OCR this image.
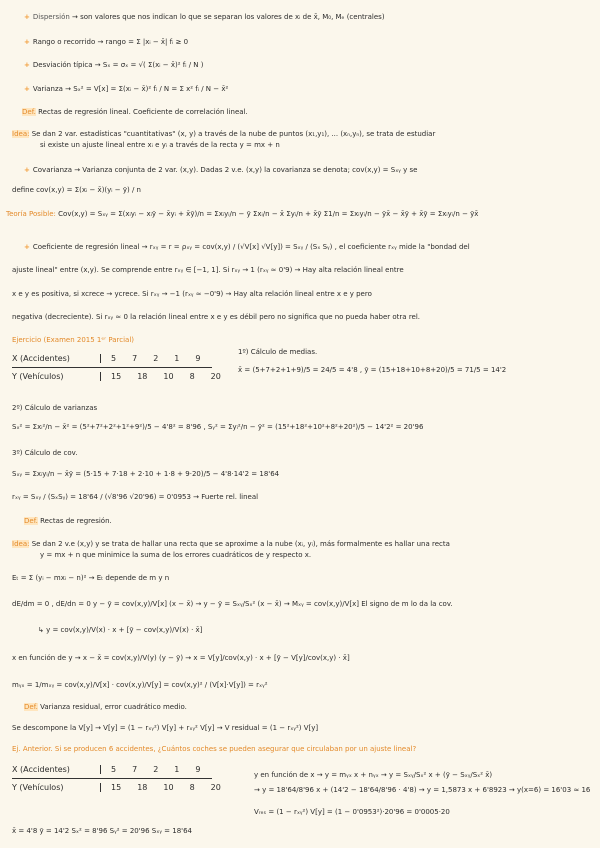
+ Dispersión → son valores que nos indican lo que se separan los valores de xᵢ de x̄, M₀, Mₑ (centrales)
+ Rango o recorrido → rango = Σ |xᵢ − x̄| fᵢ ≥ 0
+ Desviación típica → Sₓ = σₓ = √( Σ(xᵢ − x̄)² fᵢ / N )
+ Varianza → Sₓ² = V[x] = Σ(xᵢ − x̄)² fᵢ / N = Σ x² fᵢ / N − x̄²
Def. Rectas de regresión lineal. Coeficiente de correlación lineal.
Idea: Se dan 2 var. estadísticas "cuantitativas" (x, y) a través de la nube de puntos (x₁,y₁), ... (xₙ,yₙ), se trata de estudiar
si existe un ajuste lineal entre xᵢ e yᵢ a través de la recta y = mx + n
+ Covarianza → Varianza conjunta de 2 var. (x,y). Dadas 2 v.e. (x,y) la covarianza se denota; cov(x,y) = Sₓᵧ y se
define cov(x,y) = Σ(xᵢ − x̄)(yᵢ − ȳ) / n
Teoría Posible: Cov(x,y) = Sₓᵧ = Σ(xᵢyᵢ − xᵢȳ − x̄yᵢ + x̄ȳ)/n = Σxᵢyᵢ/n − ȳ Σxᵢ/n − x̄ Σyᵢ/n + x̄ȳ Σ1/n = Σxᵢyᵢ/n − ȳx̄ − x̄ȳ + x̄ȳ = Σxᵢyᵢ/n − ȳx̄
+ Coeficiente de regresión lineal → rₓᵧ = r = ρₓᵧ = cov(x,y) / (√V[x] √V[y]) = Sₓᵧ / (Sₓ Sᵧ) , el coeficiente rₓᵧ mide la "bondad del
ajuste lineal" entre (x,y). Se comprende entre rₓᵧ ∈ [−1, 1]. Si rₓᵧ → 1 (rₓᵧ ≃ 0'9) → Hay alta relación lineal entre
x e y es positiva, si xcrece → ycrece. Si rₓᵧ → −1 (rₓᵧ ≃ −0'9) → Hay alta relación lineal entre x e y pero
negativa (decreciente). Si rₓᵧ ≃ 0 la relación lineal entre x e y es débil pero no significa que no pueda haber otra rel.
Ejercicio (Examen 2015 1ᵉʳ Parcial)
1º) Cálculo de medias.
x̄ = (5+7+2+1+9)/5 = 24/5 = 4'8 , ȳ = (15+18+10+8+20)/5 = 71/5 = 14'2
2º) Cálculo de varianzas
Sₓ² = Σxᵢ²/n − x̄² = (5²+7²+2²+1²+9²)/5 − 4'8² = 8'96 , Sᵧ² = Σyᵢ²/n − ȳ² = (15²+18²+10²+8²+20²)/5 − 14'2² = 20'96
3º) Cálculo de cov.
Sₓᵧ = Σxᵢyᵢ/n − x̄ȳ = (5·15 + 7·18 + 2·10 + 1·8 + 9·20)/5 − 4'8·14'2 = 18'64
rₓᵧ = Sₓᵧ / (SₓSᵧ) = 18'64 / (√8'96 √20'96) = 0'0953 → Fuerte rel. lineal
Def. Rectas de regresión.
Idea: Se dan 2 v.e (x,y) y se trata de hallar una recta que se aproxime a la nube (xᵢ, yᵢ), más formalmente es hallar una recta
y = mx + n que minimice la suma de los errores cuadráticos de y respecto x.
Eₜ = Σ (yᵢ − mxᵢ − n)² → Eₜ depende de m y n
dE/dm = 0 , dE/dn = 0 y − ȳ = cov(x,y)/V[x] (x − x̄) → y − ȳ = Sₓᵧ/Sₓ² (x − x̄) → Mₓᵧ = cov(x,y)/V[x] El signo de m lo da la cov.
↳ y = cov(x,y)/V(x) · x + [ȳ − cov(x,y)/V(x) · x̄]
x en función de y → x − x̄ = cov(x,y)/V(y) (y − ȳ) → x = V[y]/cov(x,y) · x + [ȳ − V[y]/cov(x,y) · x̄]
mᵧₓ = 1/mₓᵧ = cov(x,y)/V[x] · cov(x,y)/V[y] = cov(x,y)² / (V[x]·V[y]) = rₓᵧ²
Def. Varianza residual, error cuadrático medio.
Se descompone la V[y] → V[y] = (1 − rₓᵧ²) V[y] + rₓᵧ² V[y] → V residual = (1 − rₓᵧ²) V[y]
Ej. Anterior. Si se producen 6 accidentes, ¿Cuántos coches se pueden asegurar que circulaban por un ajuste lineal?
y en función de x → y = mᵧₓ x + nᵧₓ → y = Sₓᵧ/Sₓ² x + (ȳ − Sₓᵧ/Sₓ² x̄)
→ y = 18'64/8'96 x + (14'2 − 18'64/8'96 · 4'8) → y = 1,5873 x + 6'8923 → y(x=6) = 16'03 ≈ 16
Vᵣₑₛ = (1 − rₓᵧ²) V[y] = (1 − 0'0953²)·20'96 = 0'0005·20
x̄ = 4'8 ȳ = 14'2 Sₓ² = 8'96 Sᵧ² = 20'96 Sₓᵧ = 18'64
X (Accidentes)	5 7 2 1 9
Y (Vehículos)	15 18 10 8 20
X (Accidentes)	5 7 2 1 9
Y (Vehículos)	15 18 10 8 20
